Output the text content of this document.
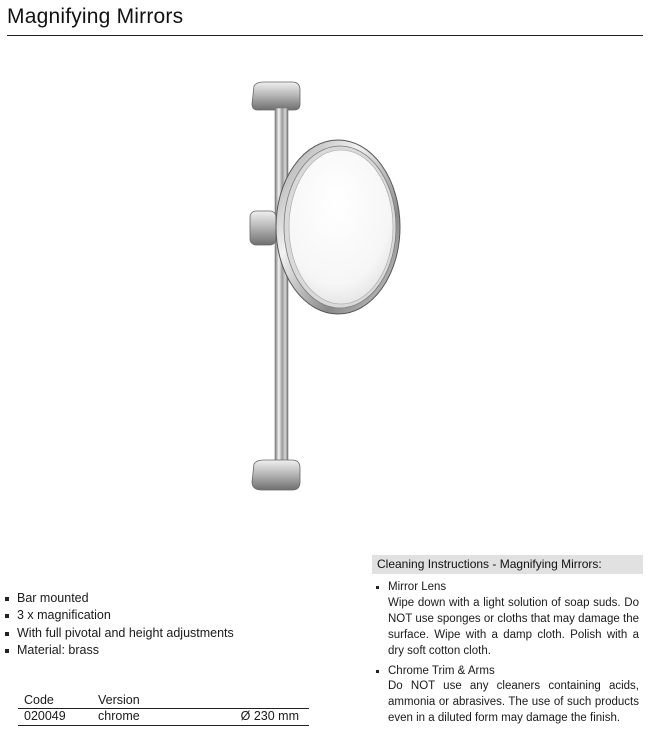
Magnifying Mirrors
Bar mounted
3 x magnification
With full pivotal and height adjustments
Material: brass
Code	Version
020049	chrome	Ø 230 mm
Cleaning Instructions - Magnifying Mirrors:
Mirror Lens
Wipe down with a light solution of soap suds. Do NOT use sponges or cloths that may damage the surface. Wipe with a damp cloth. Polish with a dry soft cotton cloth.
Chrome Trim & Arms
Do NOT use any cleaners containing acids, ammonia or abrasives. The use of such products even in a diluted form may damage the finish.
